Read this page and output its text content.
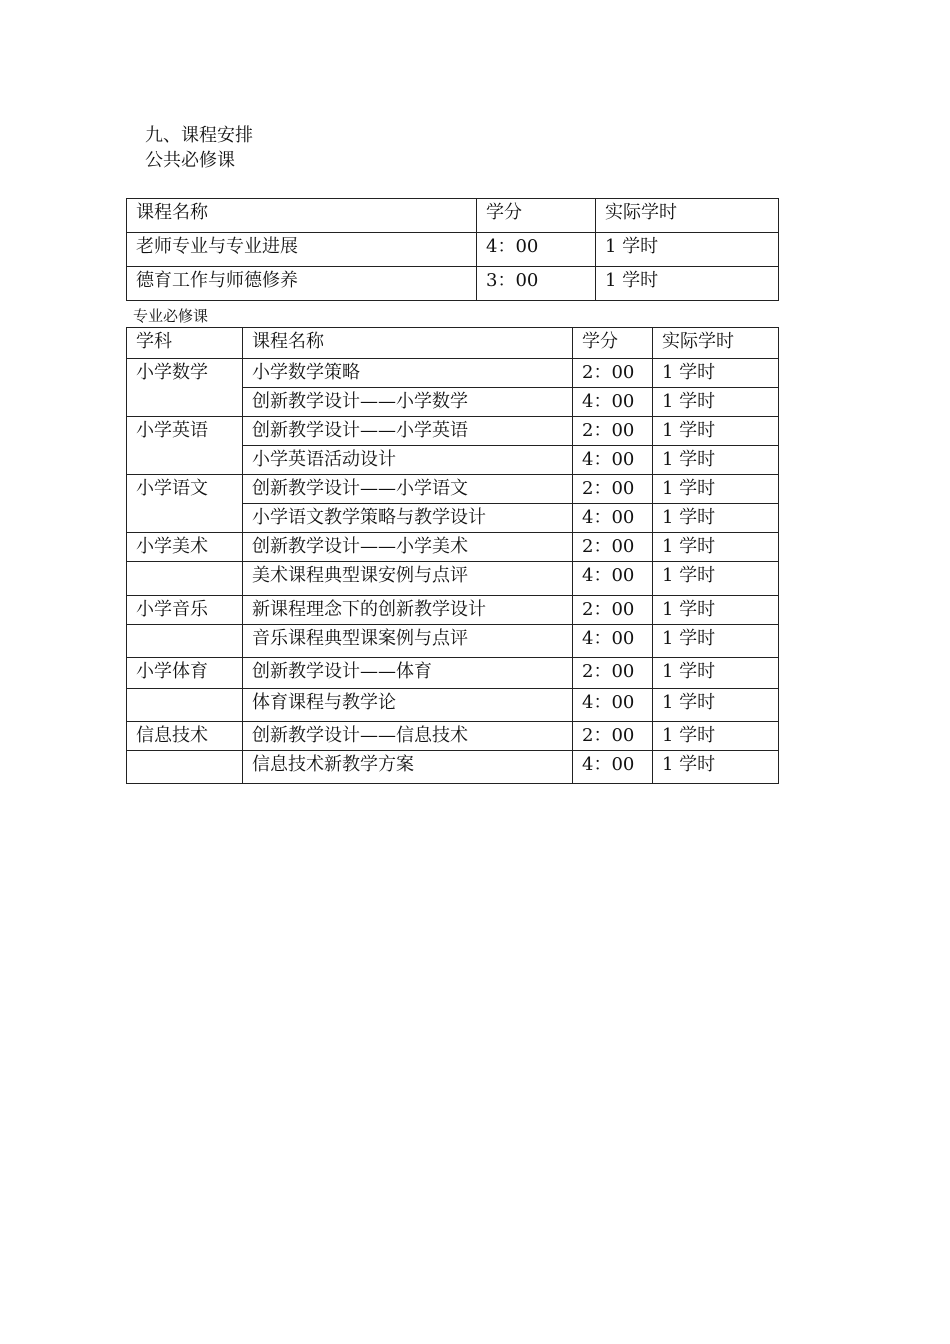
九、课程安排
公共必修课
课程名称	学分	实际学时
老师专业与专业进展	4：00	1 学时
德育工作与师德修养	3：00	1 学时
专业必修课
学科	课程名称	学分	实际学时
小学数学	小学数学策略	2：00	1 学时
	创新教学设计——小学数学	4：00	1 学时
小学英语	创新教学设计——小学英语	2：00	1 学时
	小学英语活动设计	4：00	1 学时
小学语文	创新教学设计——小学语文	2：00	1 学时
	小学语文教学策略与教学设计	4：00	1 学时
小学美术	创新教学设计——小学美术	2：00	1 学时
	美术课程典型课安例与点评	4：00	1 学时
小学音乐	新课程理念下的创新教学设计	2：00	1 学时
	音乐课程典型课案例与点评	4：00	1 学时
小学体育	创新教学设计——体育	2：00	1 学时
	体育课程与教学论	4：00	1 学时
信息技术	创新教学设计——信息技术	2：00	1 学时
	信息技术新教学方案	4：00	1 学时
